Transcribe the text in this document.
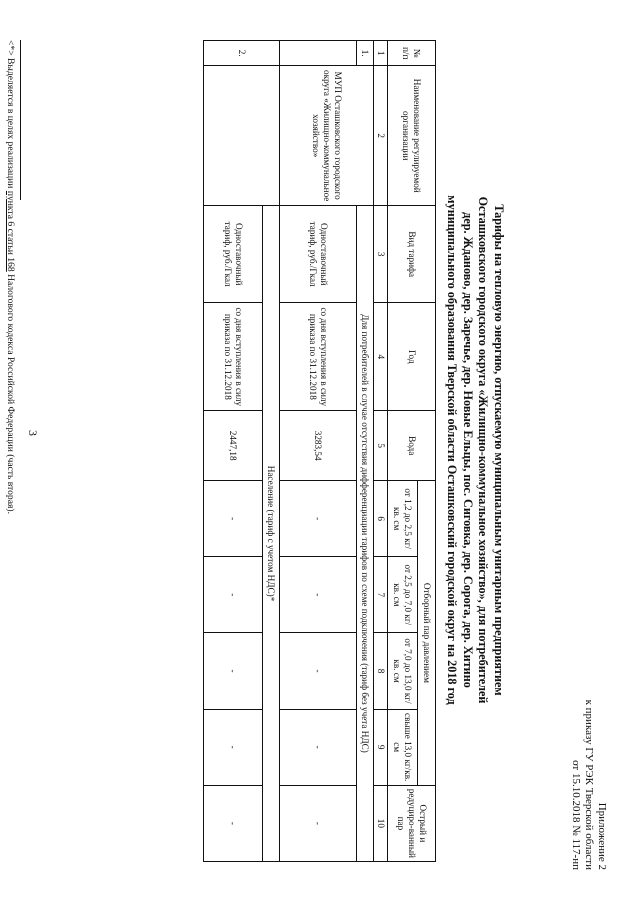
3
Приложение 2
к приказу ГУ РЭК Тверской области
от 15.10.2018 № 117-нп
Тарифы на тепловую энергию, отпускаемую муниципальным унитарным предприятием
Осташковского городского округа «Жилищно-коммунальное хозяйство», для потребителей
дер. Жданово, дер. Заречье, дер. Новые Ельцы, пос. Сиговка, дер. Сорога, дер. Хитино
муниципального образования Тверской области Осташковский городской округ на 2018 год
№ п/п	Наименование регулируемой организации	Вид тарифа	Год	Вода	Отборный пар давлением				Острый и редуциро-ванный пар
					от 1,2 до 2,5 кг/кв. см	от 2,5 до 7,0 кг/кв. см	от 7,0 до 13,0 кг/кв. см	свыше 13,0 кг/кв. см	
1	2	3	4	5	6	7	8	9	10
1.	МУП Осташковского городского округа «Жилищно-коммунальное хозяйство»	Для потребителей в случае отсутствия дифференциации тарифов по схеме подключения (тариф без учета НДС)							
		Одноставочный тариф, руб./Гкал	со дня вступления в силу приказа по 31.12.2018	3283,54	-	-	-	-	-
2.		Население (тариф с учетом НДС)*							
		Одноставочный тариф, руб./Гкал	со дня вступления в силу приказа по 31.12.2018	2447,18	-	-	-	-	-
<*> Выделяется в целях реализации пункта 6 статьи 168 Налогового кодекса Российской Федерации (часть вторая).
